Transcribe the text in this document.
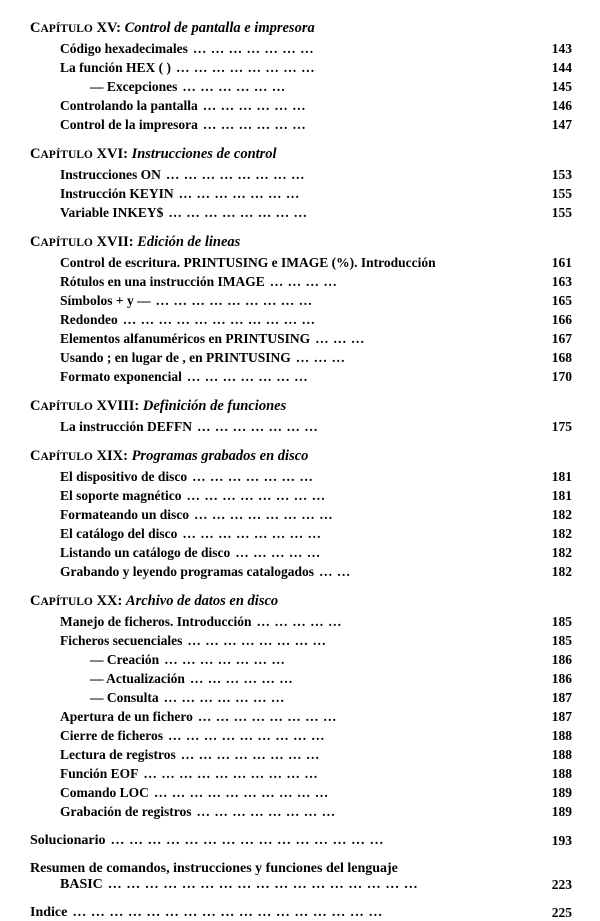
CAPÍTULO XV: Control de pantalla e impresora	

Código hexadecimales … … … … … … …	143

La función HEX ( ) … … … … … … … …	144

— Excepciones … … … … … …	145

Controlando la pantalla … … … … … …	146

Control de la impresora … … … … … …	147
CAPÍTULO XVI: Instrucciones de control	

Instrucciones ON … … … … … … … …	153

Instrucción KEYIN … … … … … … …	155

Variable INKEY$ … … … … … … … …	155
CAPÍTULO XVII: Edición de lineas	

Control de escritura. PRINTUSING e IMAGE (%). Introducción	161

Rótulos en una instrucción IMAGE … … … …	163

Símbolos + y — … … … … … … … … …	165

Redondeo … … … … … … … … … … …	166

Elementos alfanuméricos en PRINTUSING … … …	167

Usando ; en lugar de , en PRINTUSING … … …	168

Formato exponencial … … … … … … …	170
CAPÍTULO XVIII: Definición de funciones	

La instrucción DEFFN … … … … … … …	175
CAPÍTULO XIX: Programas grabados en disco	

El dispositivo de disco … … … … … … …	181

El soporte magnético … … … … … … … …	181

Formateando un disco … … … … … … … …	182

El catálogo del disco … … … … … … … …	182

Listando un catálogo de disco … … … … …	182

Grabando y leyendo programas catalogados … …	182
CAPÍTULO XX: Archivo de datos en disco	

Manejo de ficheros. Introducción … … … … …	185

Ficheros secuenciales … … … … … … … …	185

— Creación … … … … … … …	186

— Actualización … … … … … …	186

— Consulta … … … … … … …	187

Apertura de un fichero … … … … … … … …	187

Cierre de ficheros … … … … … … … … …	188

Lectura de registros … … … … … … … …	188

Función EOF … … … … … … … … … …	188

Comando LOC … … … … … … … … … …	189

Grabación de registros … … … … … … … …	189

Solucionario … … … … … … … … … … … … … … …	193

Resumen de comandos, instrucciones y funciones del lenguaje
BASIC … … … … … … … … … … … … … … … … …	223

Indice … … … … … … … … … … … … … … … … …	225
